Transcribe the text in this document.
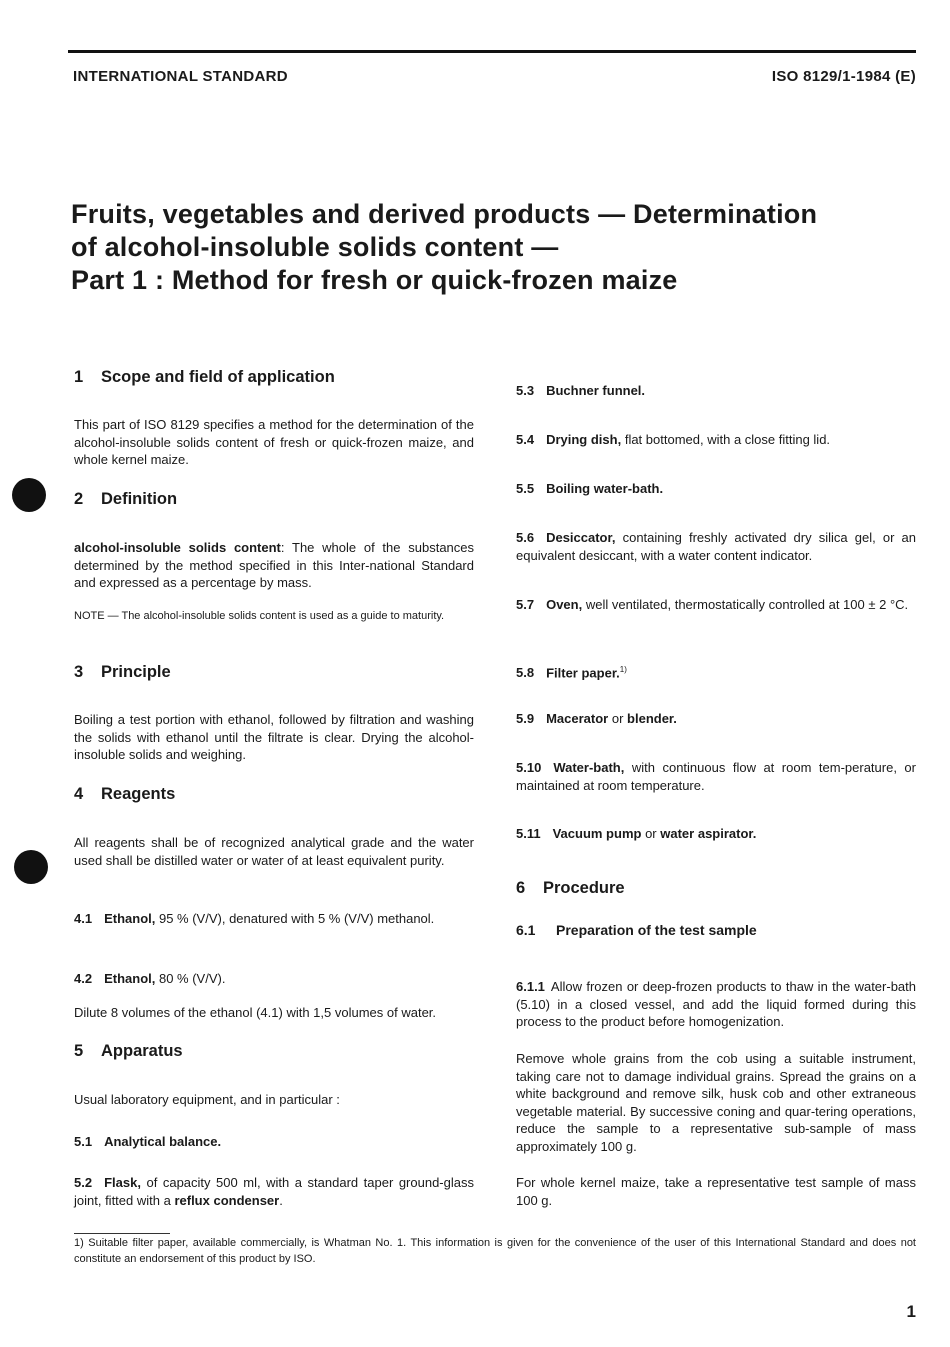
INTERNATIONAL STANDARD	ISO 8129/1-1984 (E)
Fruits, vegetables and derived products — Determination
of alcohol-insoluble solids content —
Part 1 : Method for fresh or quick-frozen maize
1 Scope and field of application

This part of ISO 8129 specifies a method for the determination of the alcohol-insoluble solids content of fresh or quick-frozen maize, and whole kernel maize.

2 Definition

alcohol-insoluble solids content: The whole of the substances determined by the method specified in this Inter-national Standard and expressed as a percentage by mass.

NOTE — The alcohol-insoluble solids content is used as a guide to maturity.

3 Principle

Boiling a test portion with ethanol, followed by filtration and washing the solids with ethanol until the filtrate is clear. Drying the alcohol-insoluble solids and weighing.

4 Reagents

All reagents shall be of recognized analytical grade and the water used shall be distilled water or water of at least equivalent purity.

4.1 Ethanol, 95 % (V/V), denatured with 5 % (V/V) methanol.

4.2 Ethanol, 80 % (V/V).

Dilute 8 volumes of the ethanol (4.1) with 1,5 volumes of water.

5 Apparatus

Usual laboratory equipment, and in particular :

5.1 Analytical balance.

5.2 Flask, of capacity 500 ml, with a standard taper ground-glass joint, fitted with a reflux condenser.

5.3 Buchner funnel.

5.4 Drying dish, flat bottomed, with a close fitting lid.

5.5 Boiling water-bath.

5.6 Desiccator, containing freshly activated dry silica gel, or an equivalent desiccant, with a water content indicator.

5.7 Oven, well ventilated, thermostatically controlled at 100 ± 2 °C.

5.8 Filter paper.$^{1)}$

5.9 Macerator or blender.

5.10 Water-bath, with continuous flow at room tem-perature, or maintained at room temperature.

5.11 Vacuum pump or water aspirator.

6 Procedure
6.1 Preparation of the test sample

6.1.1 Allow frozen or deep-frozen products to thaw in the water-bath (5.10) in a closed vessel, and add the liquid formed during this process to the product before homogenization.

Remove whole grains from the cob using a suitable instrument, taking care not to damage individual grains. Spread the grains on a white background and remove silk, husk cob and other extraneous vegetable material. By successive coning and quar-tering operations, reduce the sample to a representative sub-sample of mass approximately 100 g.

For whole kernel maize, take a representative test sample of mass 100 g.

1) Suitable filter paper, available commercially, is Whatman No. 1. This information is given for the convenience of the user of this International Standard and does not constitute an endorsement of this product by ISO.

1
